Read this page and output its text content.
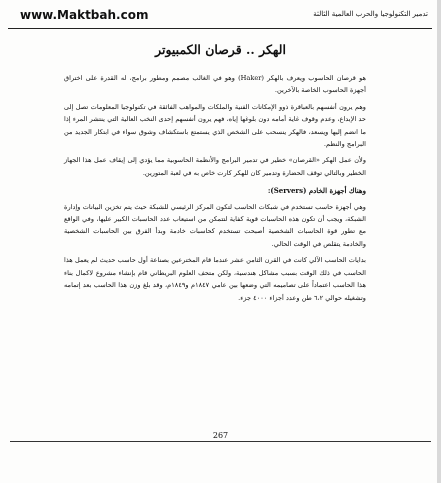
www.Maktbah.com	تدمير التكنولوجيا والحرب العالمية الثالثة
الهكر .. قرصان الكمبيوتر

هو قرصان الحاسوب ويعرف بالهكر (Haker) وهو في الغالب مصمم ومطور برامج، له القدرة على اختراق أجهزة الحاسوب الخاصة بالآخرين.

وهم يرون أنفسهم بالعباقرة ذوو الإمكانات الفنية والملكات والمواهب الفائقة في تكنولوجيا المعلومات تصل إلى حد الإبداع، وعدم وقوف غاية أمامه دون بلوغها إياه، فهم يرون أنفسهم إحدى النخب العالية التي ينتشر المرء إذا ما انضم إليها ويسعد، فالهكر ينسحب على الشخص الذي يستمتع باستكشاف وشوق سواء في ابتكار الجديد من البرامج والنظم.

ولأن عمل الهكر «القرصان» خطير في تدمير البرامج والأنظمة الحاسوبية مما يؤدي إلى إيقاف عمل هذا الجهاز الخطير وبالتالي توقف الحضارة وتدمير كان للهكر كارت خاص به في لعبة المتورين.

وهناك أجهزة الخادم (Servers):

وهي أجهزة حاسب تستخدم في شبكات الحاسب لتكون المركز الرئيسي للشبكة حيث يتم تخزين البيانات وإدارة الشبكة، ويجب أن تكون هذه الحاسبات قوية كفاية لتتمكن من استيعاب عدد الحاسبات الكبير عليها، وفي الواقع مع تطور قوة الحاسبات الشخصية أصبحت تستخدم كحاسبات خادمة وبدأ الفرق بين الحاسبات الشخصية والخادمة يتقلص في الوقت الحالي.

بدايات الحاسب الآلي كانت في القرن الثامن عشر عندما قام المخترعين بصناعة أول حاسب حديث لم يعمل هذا الحاسب في ذلك الوقت بسبب مشاكل هندسية، ولكن متحف العلوم البريطاني قام بإنشاء مشروع لاكمال بناء هذا الحاسب اعتماداً على تصاميمه التي وضعها بين عامي ١٨٤٧م و١٨٤٩م، وقد بلغ وزن هذا الحاسب بعد إتمامه وتشغيله حوالي ٦،٢ طن وعدد أجزاء ٤٠٠٠ جزء.

267
